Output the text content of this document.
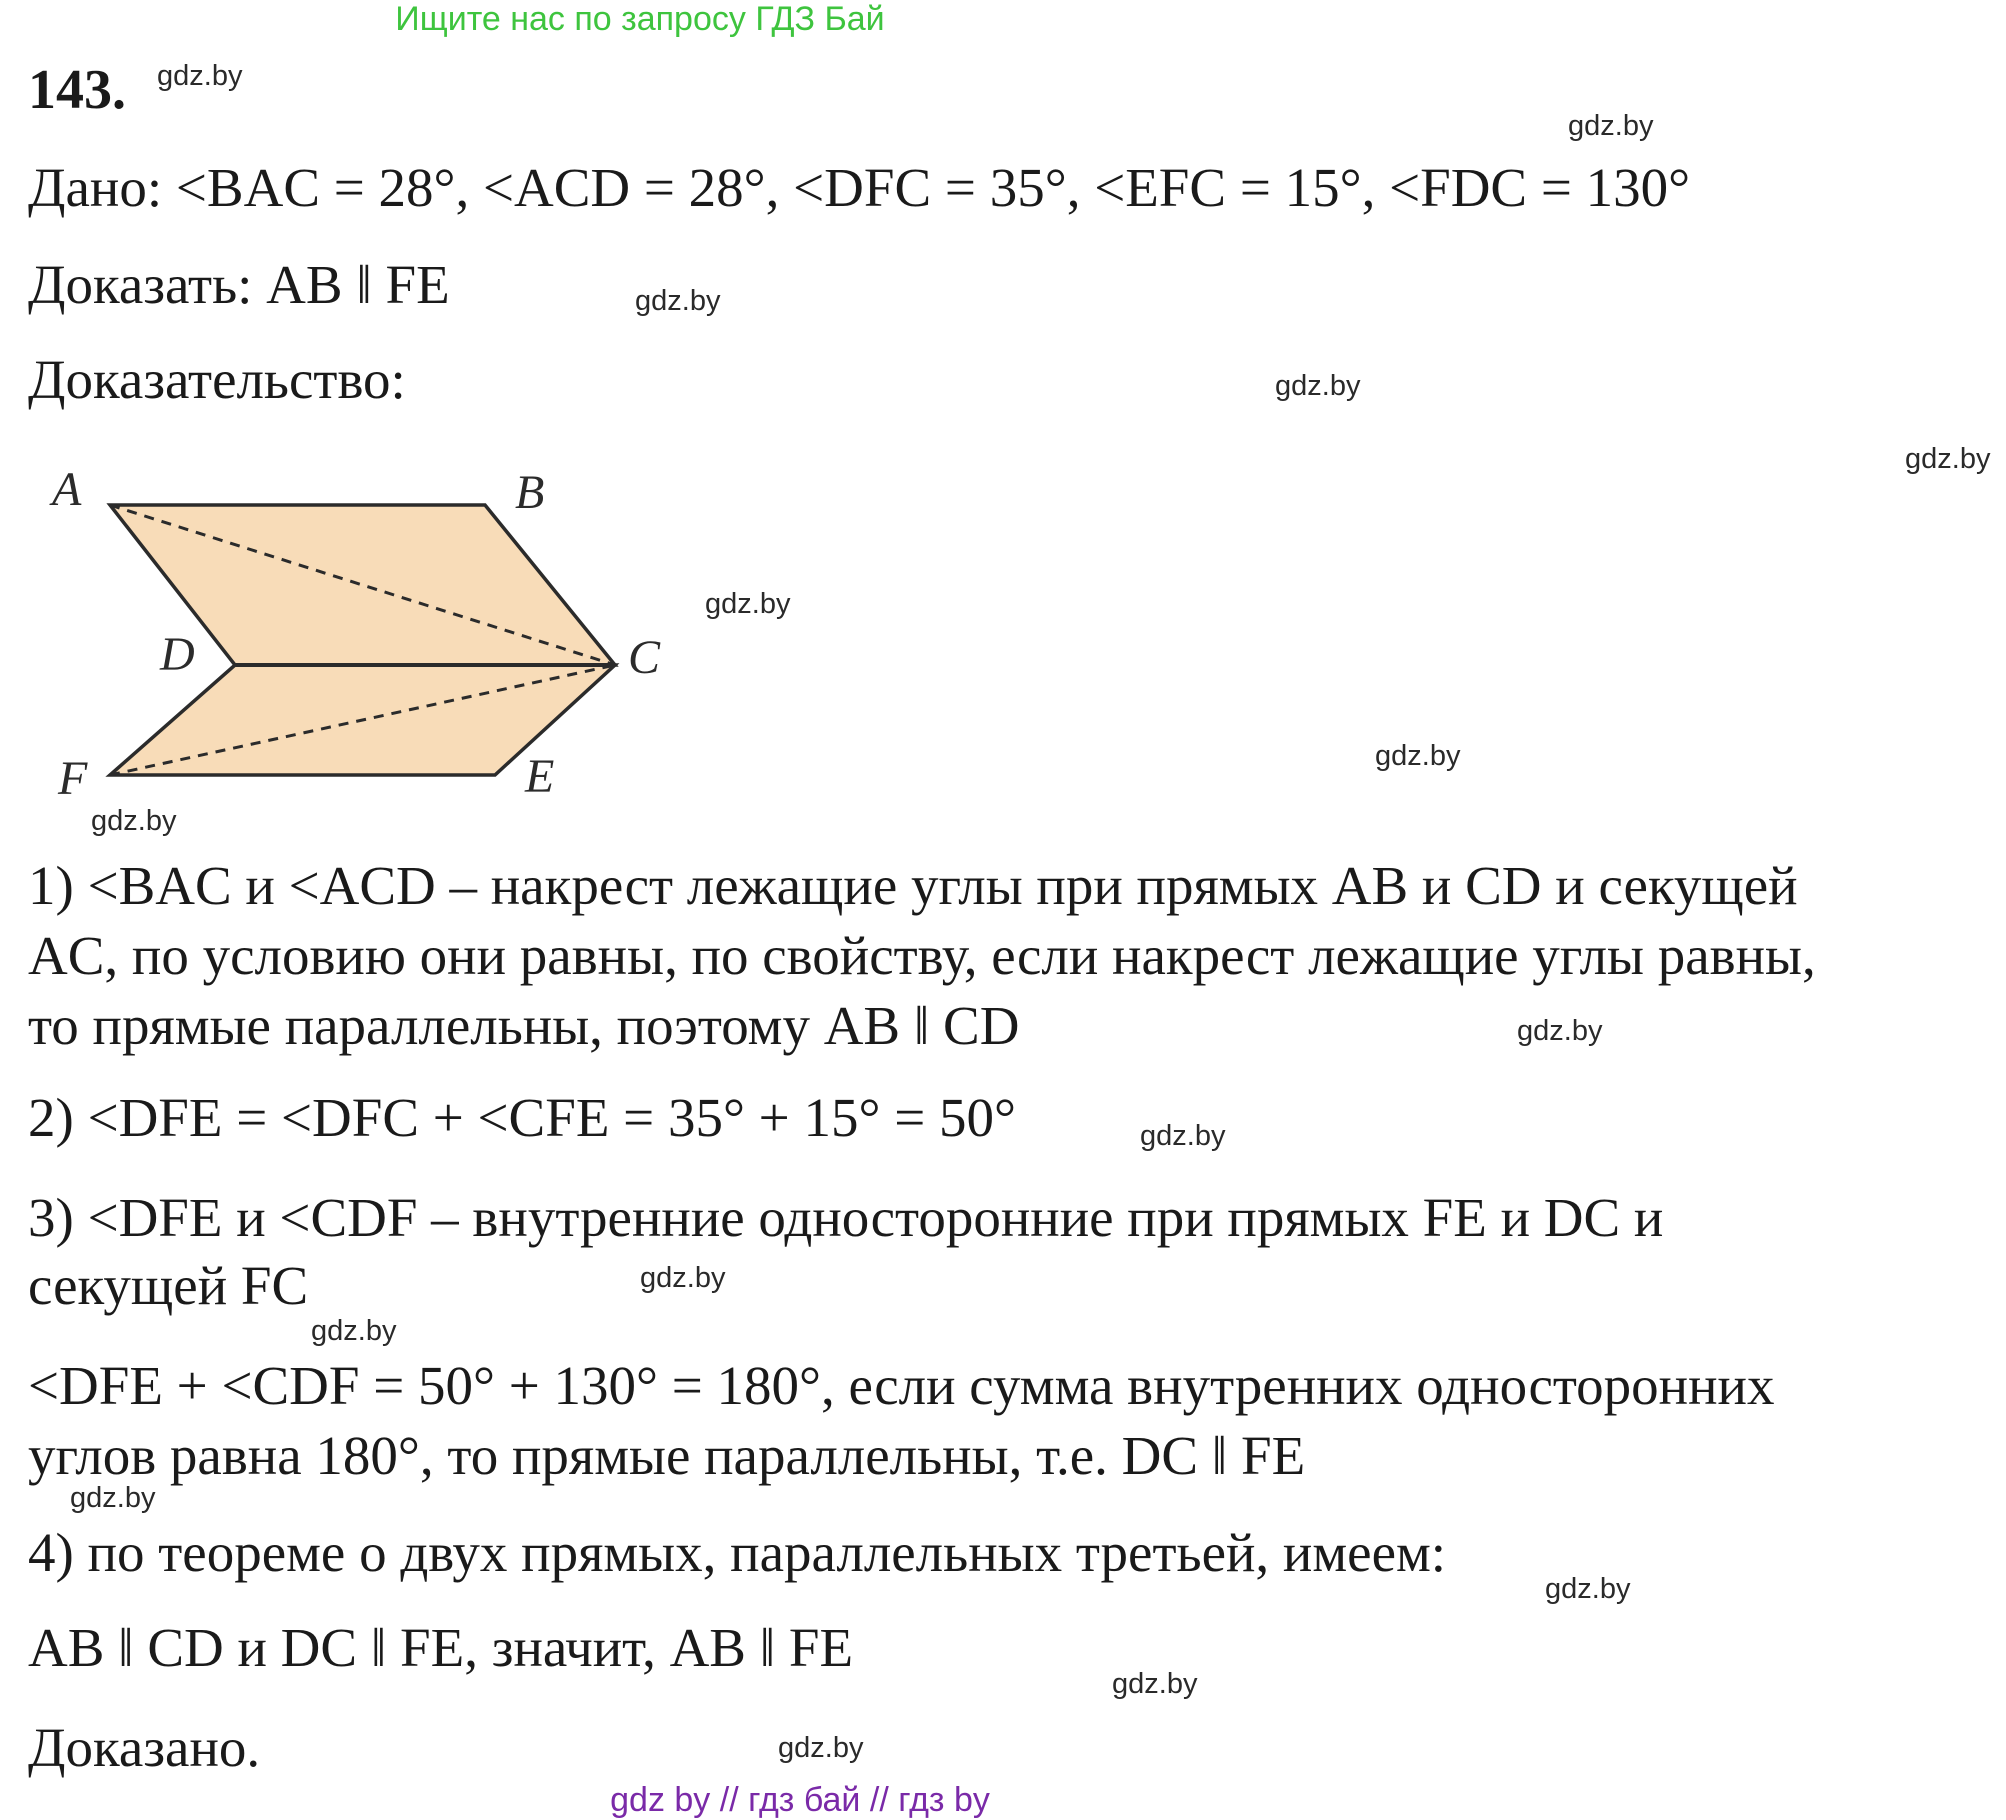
Ищите нас по запросу ГДЗ Бай
143. gdz.by
gdz.by
Дано: <BAC = 28°, <ACD = 28°, <DFC = 35°, <EFC = 15°, <FDC = 130°
Доказать: AB ǁ FE	gdz.by
Доказательство:	gdz.by
gdz.by
A	B
D	C
F	E
gdz.by
gdz.by
gdz.by
1) <BAC и <ACD – накрест лежащие углы при прямых AB и CD и секущей
AC, по условию они равны, по свойству, если накрест лежащие углы равны,
то прямые параллельны, поэтому AB ǁ CD	gdz.by
2) <DFE = <DFC + <CFE = 35° + 15° = 50°	gdz.by
3) <DFE и <CDF – внутренние односторонние при прямых FE и DC и
секущей FC	gdz.by
gdz.by
<DFE + <CDF = 50° + 130° = 180°, если сумма внутренних односторонних
углов равна 180°, то прямые параллельны, т.е. DC ǁ FE
gdz.by
4) по теореме о двух прямых, параллельных третьей, имеем:
gdz.by
AB ǁ CD и DC ǁ FE, значит, AB ǁ FE
gdz.by
Доказано.	gdz.by
gdz by // гдз бай // гдз by
